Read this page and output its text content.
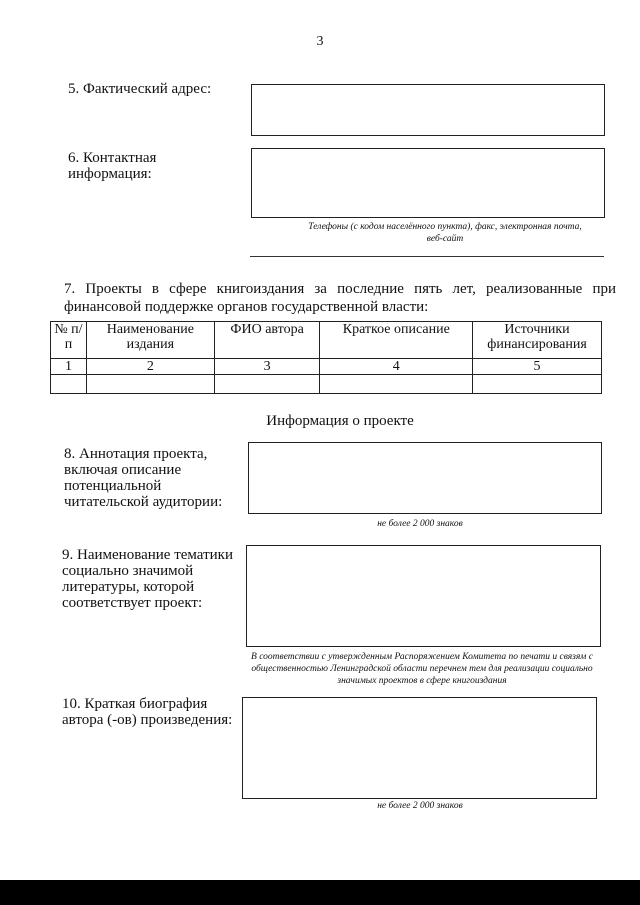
3
5. Фактический адрес:
6. Контактная информация:
Телефоны (с кодом населённого пункта), факс, электронная почта, веб-сайт
7. Проекты в сфере книгоиздания за последние пять лет, реализованные при финансовой поддержке органов государственной власти:
№ п/п	Наименование издания	ФИО автора	Краткое описание	Источники финансирования
1	2	3	4	5

Информация о проекте
8. Аннотация проекта, включая описание потенциальной читательской аудитории:
не более 2 000 знаков
9. Наименование тематики социально значимой литературы, которой соответствует проект:
В соответствии с утвержденным Распоряжением Комитета по печати и связям с общественностью Ленинградской области перечнем тем для реализации социально значимых проектов в сфере книгоиздания
10. Краткая биография автора (-ов) произведения:
не более 2 000 знаков
